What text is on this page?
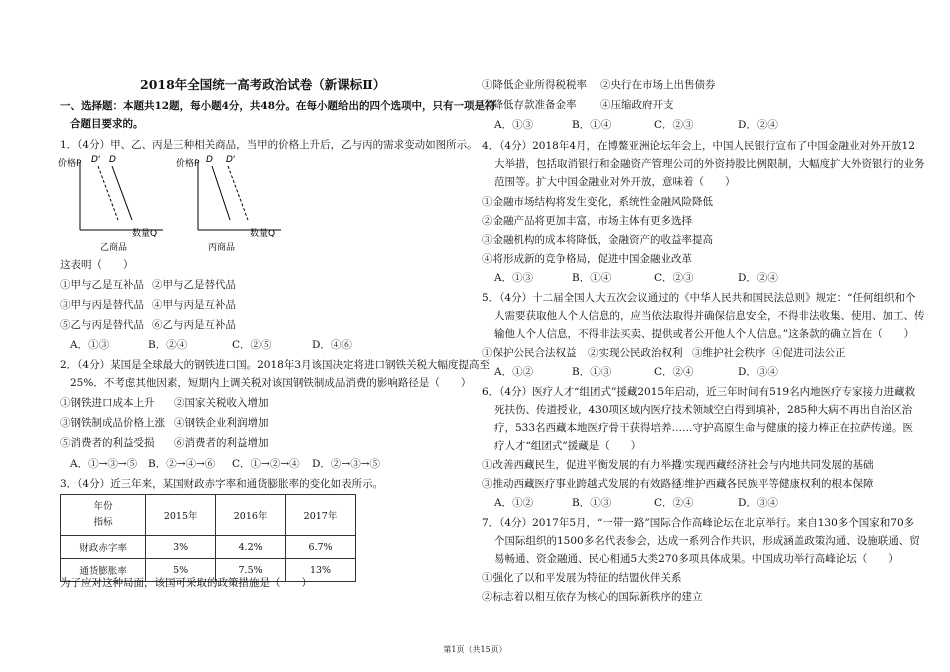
2018年全国统一高考政治试卷（新课标Ⅱ）
一、选择题：本题共12题，每小题4分，共48分。在每小题给出的四个选项中，只有一项是符
合题目要求的。
1．（4分）甲、乙、丙是三种相关商品，当甲的价格上升后，乙与丙的需求变动如图所示。
价格P D' D
数量Q
乙商品
价格P D D'
数量Q
丙商品
这表明（　　）
①甲与乙是互补品 ②甲与乙是替代品
③甲与丙是替代品 ④甲与丙是互补品
⑤乙与丙是替代品 ⑥乙与丙是互补品
A．①③	B．②④	C．②⑤	D．④⑥
2．（4分）某国是全球最大的钢铁进口国。2018年3月该国决定将进口钢铁关税大幅度提高至
25%．不考虑其他因素，短期内上调关税对该国钢铁制成品消费的影响路径是（　　）
①钢铁进口成本上升 ②国家关税收入增加
③钢铁制成品价格上涨 ④钢铁企业利润增加
⑤消费者的利益受损 ⑥消费者的利益增加
A．①→③→⑤ B．②→④→⑥ C．①→②→④ D．②→③→⑤
3．（4分）近三年来，某国财政赤字率和通货膨胀率的变化如表所示。
年份
指标	2015年	2016年	2017年
财政赤字率	3%	4.2%	6.7%
通货膨胀率	5%	7.5%	13%
为了应对这种局面，该国可采取的政策措施是（　　）
①降低企业所得税税率 ②央行在市场上出售债券
③降低存款准备金率 ④压缩政府开支
A．①③	B．①④	C．②③	D．②④
4．（4分）2018年4月，在博鳌亚洲论坛年会上，中国人民银行宣布了中国金融业对外开放12
大举措，包括取消银行和金融资产管理公司的外资持股比例限制，大幅度扩大外资银行的业务
范围等。扩大中国金融业对外开放，意味着（　　）
①金融市场结构将发生变化，系统性金融风险降低
②金融产品将更加丰富，市场主体有更多选择
③金融机构的成本将降低，金融资产的收益率提高
④将形成新的竞争格局，促进中国金融业改革
A．①③	B．①④	C．②③	D．②④
5．（4分）十二届全国人大五次会议通过的《中华人民共和国民法总则》规定：“任何组织和个
人需要获取他人个人信息的，应当依法取得并确保信息安全，不得非法收集、使用、加工、传
输他人个人信息，不得非法买卖、提供或者公开他人个人信息。”这条款的确立旨在（　　）
①保护公民合法权益 ②实现公民政治权利 ③维护社会秩序 ④促进司法公正
A．①②	B．①③	C．②④	D．③④
6．（4分）医疗人才“组团式”援藏2015年启动，近三年时间有519名内地医疗专家接力进藏救
死扶伤、传道授业，430项区域内医疗技术领域空白得到填补，285种大病不再出自治区治
疗，533名西藏本地医疗骨干获得培养……守护高原生命与健康的接力棒正在拉萨传递。医
疗人才“组团式”援藏是（　　）
①改善西藏民生，促进平衡发展的有力举措
②实现西藏经济社会与内地共同发展的基础
③推动西藏医疗事业跨越式发展的有效路径
④维护西藏各民族平等健康权利的根本保障
A．①②	B．①③	C．②④	D．③④
7．（4分）2017年5月，“一带一路”国际合作高峰论坛在北京举行。来自130多个国家和70多
个国际组织的1500多名代表参会，达成一系列合作共识，形成涵盖政策沟通、设施联通、贸
易畅通、资金融通、民心相通5大类270多项具体成果。中国成功举行高峰论坛（　　）
①强化了以和平发展为特征的结盟伙伴关系
②标志着以相互依存为核心的国际新秩序的建立
第1页（共15页）
